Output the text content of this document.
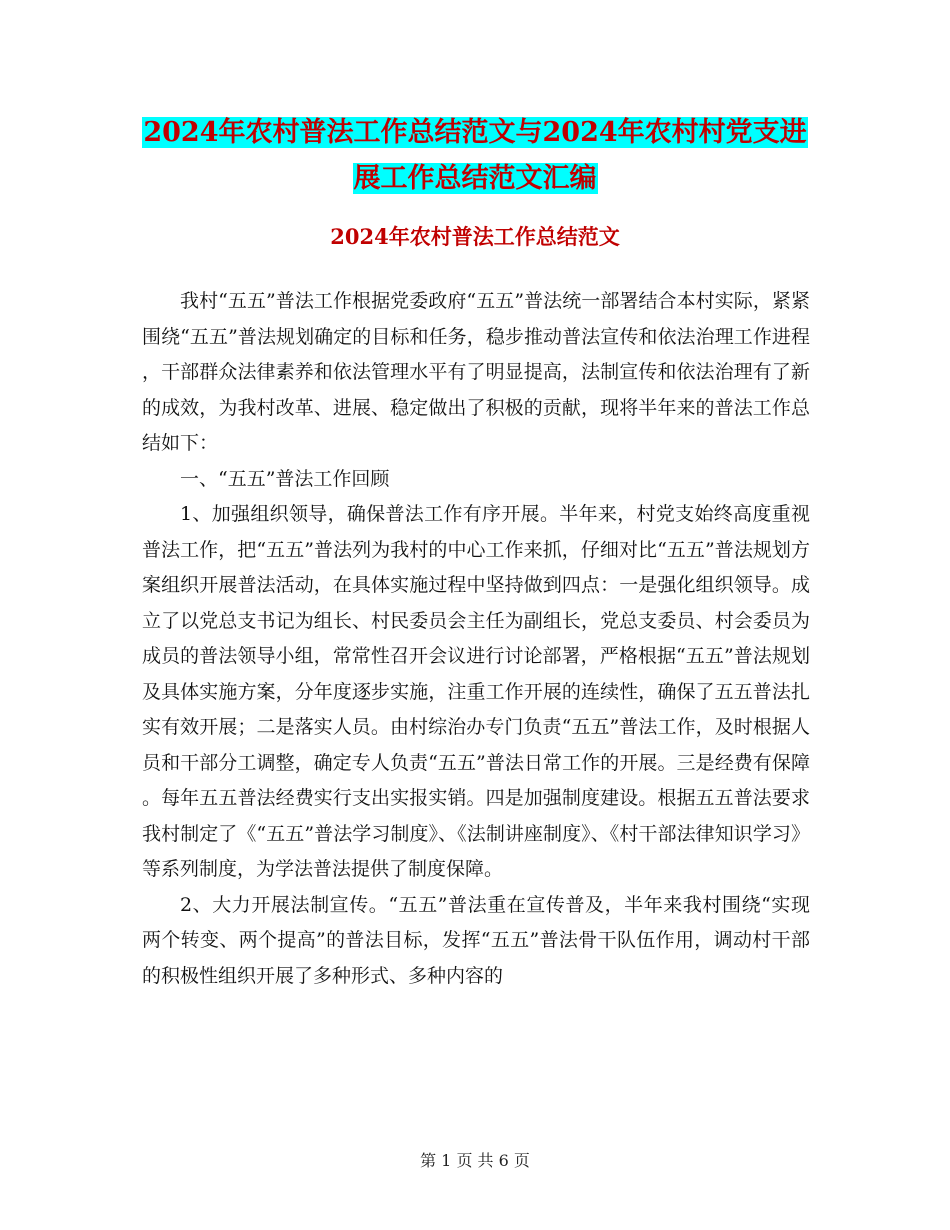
2024年农村普法工作总结范文与2024年农村村党支进
展工作总结范文汇编
2024年农村普法工作总结范文

我村“五五”普法工作根据党委政府“五五”普法统一部署结合本村实际，紧紧围绕“五五”普法规划确定的目标和任务，稳步推动普法宣传和依法治理工作进程，干部群众法律素养和依法管理水平有了明显提高，法制宣传和依法治理有了新的成效，为我村改革、进展、稳定做出了积极的贡献，现将半年来的普法工作总结如下：

一、“五五”普法工作回顾

1、加强组织领导，确保普法工作有序开展。半年来，村党支始终高度重视普法工作，把“五五”普法列为我村的中心工作来抓，仔细对比“五五”普法规划方案组织开展普法活动，在具体实施过程中坚持做到四点：一是强化组织领导。成立了以党总支书记为组长、村民委员会主任为副组长，党总支委员、村会委员为成员的普法领导小组，常常性召开会议进行讨论部署，严格根据“五五”普法规划及具体实施方案，分年度逐步实施，注重工作开展的连续性，确保了五五普法扎实有效开展；二是落实人员。由村综治办专门负责“五五”普法工作，及时根据人员和干部分工调整，确定专人负责“五五”普法日常工作的开展。三是经费有保障。每年五五普法经费实行支出实报实销。四是加强制度建设。根据五五普法要求我村制定了《“五五”普法学习制度》、《法制讲座制度》、《村干部法律知识学习》等系列制度，为学法普法提供了制度保障。

2、大力开展法制宣传。“五五”普法重在宣传普及，半年来我村围绕“实现两个转变、两个提高”的普法目标，发挥“五五”普法骨干队伍作用，调动村干部的积极性组织开展了多种形式、多种内容的

第 1 页 共 6 页
